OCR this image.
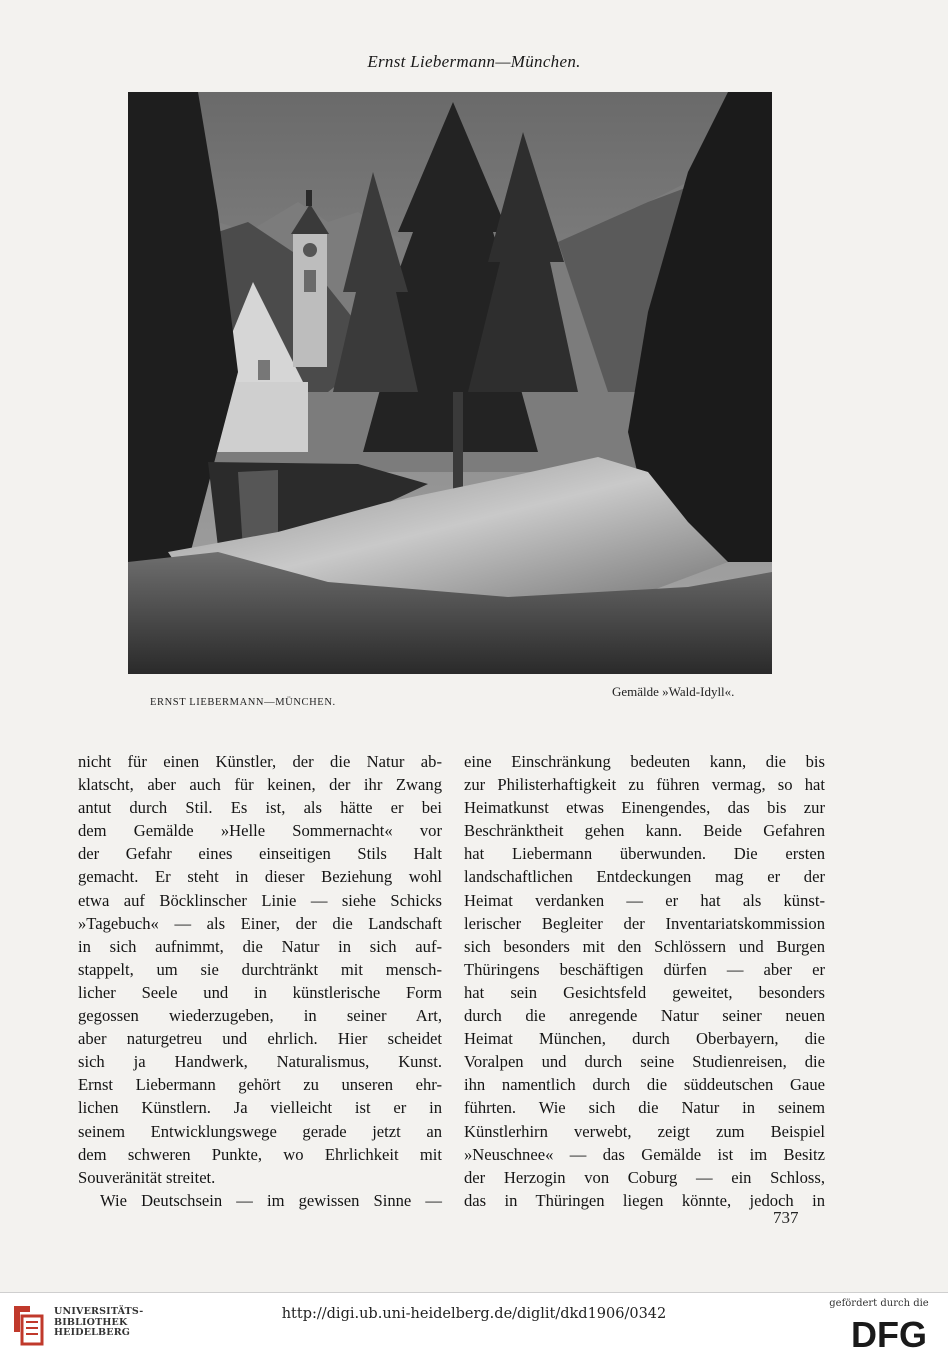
Ernst Liebermann—München.
ERNST LIEBERMANN—MÜNCHEN.
Gemälde »Wald-Idyll«.
nicht für einen Künstler, der die Natur ab-
klatscht, aber auch für keinen, der ihr Zwang
antut durch Stil. Es ist, als hätte er bei
dem Gemälde »Helle Sommernacht« vor
der Gefahr eines einseitigen Stils Halt
gemacht. Er steht in dieser Beziehung wohl
etwa auf Böcklinscher Linie — siehe Schicks
»Tagebuch« — als Einer, der die Landschaft
in sich aufnimmt, die Natur in sich auf-
stappelt, um sie durchtränkt mit mensch-
licher Seele und in künstlerische Form
gegossen wiederzugeben, in seiner Art,
aber naturgetreu und ehrlich. Hier scheidet
sich ja Handwerk, Naturalismus, Kunst.
Ernst Liebermann gehört zu unseren ehr-
lichen Künstlern. Ja vielleicht ist er in
seinem Entwicklungswege gerade jetzt an
dem schweren Punkte, wo Ehrlichkeit mit
Souveränität streitet.
Wie Deutschsein — im gewissen Sinne —
eine Einschränkung bedeuten kann, die bis
zur Philisterhaftigkeit zu führen vermag, so hat
Heimatkunst etwas Einengendes, das bis zur
Beschränktheit gehen kann. Beide Gefahren
hat Liebermann überwunden. Die ersten
landschaftlichen Entdeckungen mag er der
Heimat verdanken — er hat als künst-
lerischer Begleiter der Inventariatskommission
sich besonders mit den Schlössern und Burgen
Thüringens beschäftigen dürfen — aber er
hat sein Gesichtsfeld geweitet, besonders
durch die anregende Natur seiner neuen
Heimat München, durch Oberbayern, die
Voralpen und durch seine Studienreisen, die
ihn namentlich durch die süddeutschen Gaue
führten. Wie sich die Natur in seinem
Künstlerhirn verwebt, zeigt zum Beispiel
»Neuschnee« — das Gemälde ist im Besitz
der Herzogin von Coburg — ein Schloss,
das in Thüringen liegen könnte, jedoch in
737
UNIVERSITÄTS-
BIBLIOTHEK
HEIDELBERG
http://digi.ub.uni-heidelberg.de/diglit/dkd1906/0342
gefördert durch die
DFG
